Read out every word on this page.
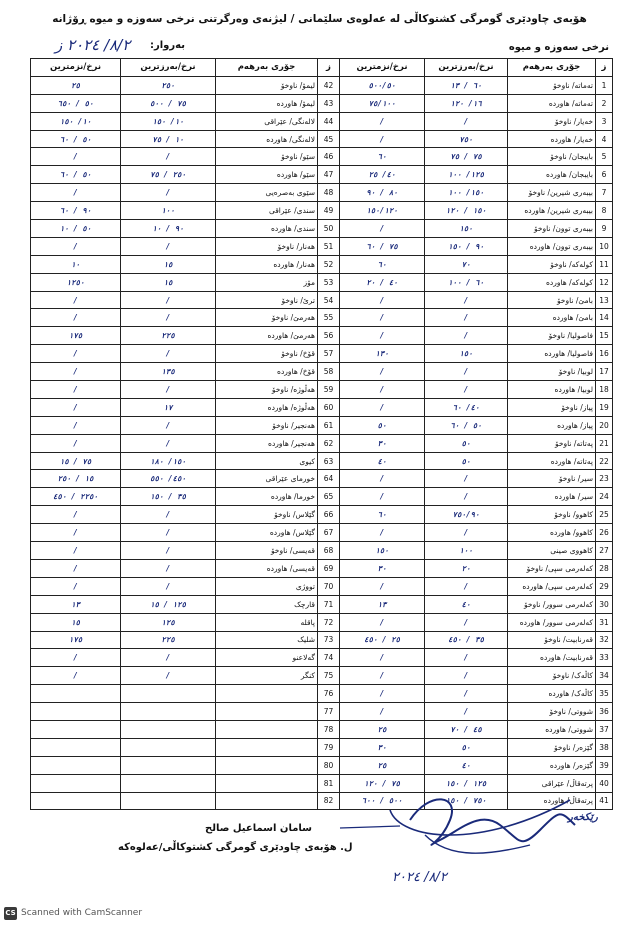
هۆبەی چاودێری گومرگی کشتوکاڵی لە عەلوەی سلێمانی / لیژنەی وەرگرتنی نرخی سەوزە و میوە ڕۆژانە
بەروار:
٨/٢/ ٢٠٢٤ ز	نرخی سەوزە و میوە
ز	جۆری بەرهەم	نرخ/بەرزترین	نرخ/نزمترین
1	تەماتە/ ناوخۆ	٦٠ / ١٣	٥٠٠/٥٠
2	تەماتە/ هاوردە	١٦/ ١٢٠	٧٥/١٠٠
3	خەیار/ ناوخۆ	/	/
4	خەیار/ هاوردە	٧٥٠	/
5	بایبجان/ ناوخۆ	٧٥ / ٧٥	٦٠
6	بایبجان/ هاوردە	١٢٥/ ١٠٠	٤٠/ ٢٥
7	بیبەری شیرین/ ناوخۆ	١٥٠/ ١٠٠	٨٠ / ٩٠
8	بیبەری شیرین/ هاوردە	١٥٠ / ١٢٠	١٥٠/١٢٠
9	بیبەری توون/ ناوخۆ	١٥٠	/
10	بیبەری توون/ هاوردە	٩٠ / ١٥٠	٧٥ / ٦٠
11	کولەکە/ ناوخۆ	٧٠	٦٠
12	کولەکە/ هاوردە	٦٠ / ١٠٠	٤٠ / ٢٠
13	بامێ/ ناوخۆ	/	/
14	بامێ/ هاوردە	/	/
15	فاصولیا/ ناوخۆ	/	/
16	فاصولیا/ هاوردە	١٥٠	١٣٠
17	لوبیا/ ناوخۆ	/	/
18	لوبیا/ هاوردە	/	/
19	پیاز/ ناوخۆ	٤٠/ ٦٠	/
20	پیاز/ هاوردە	٥٠ / ٦٠	٥٠
21	پەتاتە/ ناوخۆ	٥٠	٣٠
22	پەتاتە/ هاوردە	٥٠	٤٠
23	سیر/ ناوخۆ	/	/
24	سیر/ هاوردە	/	/
25	کاهوو/ ناوخۆ	٧٥٠/٩٠	٦٠
26	کاهوو/ هاوردە	/	/
27	کاهووی صینی	١٠٠	١٥٠
28	کەلەرمی سپی/ ناوخۆ	٢٠	٣٠
29	کەلەرمی سپی/ هاوردە	/	/
30	کەلەرمی سوور/ ناوخۆ	٤٠	١٣
31	کەلەرمی سوور/ هاوردە	/	/
32	قەرنابیت/ ناوخۆ	٣٥ / ٤٥٠	٢٥ / ٤٥٠
33	قەرنابیت/ هاوردە	/	/
34	کاڵەک/ ناوخۆ	/	/
35	کاڵەک/ هاوردە	/	/
36	شووتی/ ناوخۆ	/	/
37	شووتی/ هاوردە	٤٥ / ٧٠	٢٥
38	گێزەر/ ناوخۆ	٥٠	٣٠
39	گێزەر/ هاوردە	٤٠	٢٥
40	پرتەقاڵ/ عێراقی	١٢٥ / ١٥٠	٧٥ / ١٢٠
41	پرتەقاڵ/ هاوردە	٧٥٠ / ١٥٠	٥٠٠ / ٦٠٠
ز	جۆری بەرهەم	نرخ/بەرزترین	نرخ/نزمترین
42	لیمۆ/ ناوخۆ	٢٥٠	٢٥
43	لیمۆ/ هاوردە	٧٥ / ٥٠٠	٥٠ / ٦٥٠
44	لالەنگی/ عێراقی	١٠/ ١٥٠	١٠/ ١٥٠
45	لالەنگی/ هاوردە	١٠ / ٧٥	٥٠ / ٦٠
46	سێو/ ناوخۆ	/	/
47	سێو/ هاوردە	٢٥٠ / ٧٥	٥٠ / ٦٠
48	سێوی بەصرەیی	/	/
49	سندی/ عێراقی	١٠٠	٩٠ / ٦٠
50	سندی/ هاوردە	٩٠ / ١٠	٥٠ / ١٠
51	هەنار/ ناوخۆ	/	/
52	هەنار/ هاوردە	١٥	١٠
53	مۆز	١٥	١٢٥٠
54	ترێ/ ناوخۆ	/	/
55	هەرمێ/ ناوخۆ	/	/
56	هەرمێ/ هاوردە	٢٢٥	١٧٥
57	قۆخ/ ناوخۆ	/	/
58	قۆخ/ هاوردە	١٣٥	/
59	هەڵوژە/ ناوخۆ	/	/
60	هەڵوژە/ هاوردە	١٧	/
61	هەنجیر/ ناوخۆ	/	/
62	هەنجیر/ هاوردە	/	/
63	کیوی	١٥٠/ ١٨٠	٧٥ / ١٥
64	خورمای عێراقی	٤٥٠/ ٥٥٠	١٥ / ٢٥٠
65	خورما/ هاوردە	٣٥ / ١٥٠	٢٢٥٠ / ٤٥٠
66	گێلاس/ ناوخۆ	/	/
67	گێلاس/ هاوردە	/	/
68	قەیسی/ ناوخۆ	/	/
69	قەیسی/ هاوردە	/	/
70	تووژی	/	/
71	قارچک	١٢٥ / ١٥	١٣
72	پاقلە	١٢٥	١٥
73	شلیک	٢٢٥	١٧٥
74	گەلاعنو	/	/
75	کنگر	/	/
76			
77			
78			
79			
80			
81			
82			
رێکخەر
٨/٢/ ٢٠٢٤
سامان اسماعیل صالح
ل. هۆبەی چاودێری گومرگی کشتوکاڵی/عەلوەکە
CS Scanned with CamScanner
